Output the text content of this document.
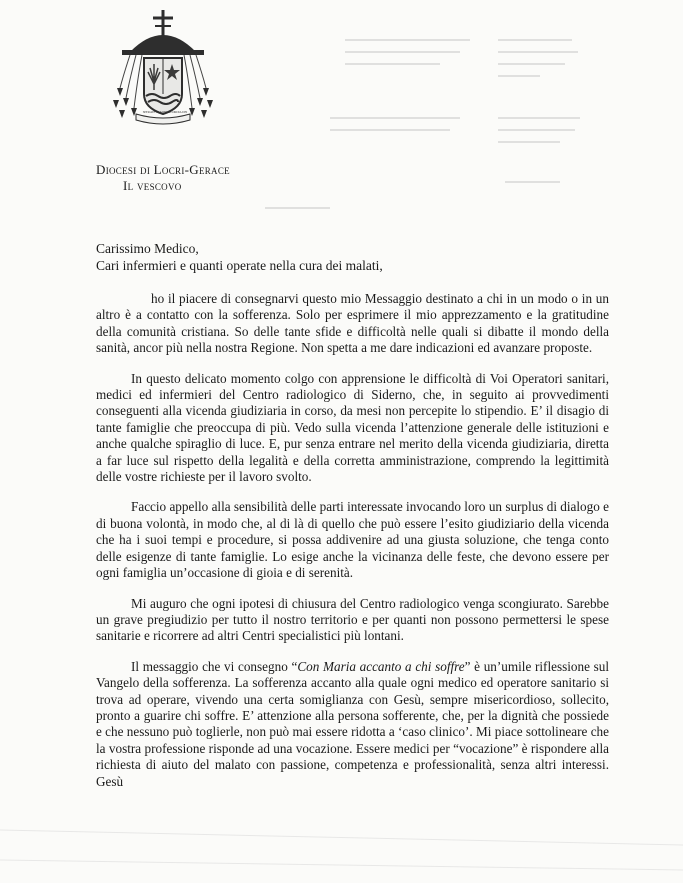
SPERATE IN MISERICORDIA DEI
Diocesi di Locri-Gerace
Il vescovo
Carissimo Medico,
Cari infermieri e quanti operate nella cura dei malati,

ho il piacere di consegnarvi questo mio Messaggio destinato a chi in un modo o in un altro è a contatto con la sofferenza. Solo per esprimere il mio apprezzamento e la gratitudine della comunità cristiana. So delle tante sfide e difficoltà nelle quali si dibatte il mondo della sanità, ancor più nella nostra Regione. Non spetta a me dare indicazioni ed avanzare proposte.

In questo delicato momento colgo con apprensione le difficoltà di Voi Operatori sanitari, medici ed infermieri del Centro radiologico di Siderno, che, in seguito ai provvedimenti conseguenti alla vicenda giudiziaria in corso, da mesi non percepite lo stipendio. E’ il disagio di tante famiglie che preoccupa di più. Vedo sulla vicenda l’attenzione generale delle istituzioni e anche qualche spiraglio di luce. E, pur senza entrare nel merito della vicenda giudiziaria, diretta a far luce sul rispetto della legalità e della corretta amministrazione, comprendo la legittimità delle vostre richieste per il lavoro svolto.

Faccio appello alla sensibilità delle parti interessate invocando loro un surplus di dialogo e di buona volontà, in modo che, al di là di quello che può essere l’esito giudiziario della vicenda che ha i suoi tempi e procedure, si possa addivenire ad una giusta soluzione, che tenga conto delle esigenze di tante famiglie. Lo esige anche la vicinanza delle feste, che devono essere per ogni famiglia un’occasione di gioia e di serenità.

Mi auguro che ogni ipotesi di chiusura del Centro radiologico venga scongiurato. Sarebbe un grave pregiudizio per tutto il nostro territorio e per quanti non possono permettersi le spese sanitarie e ricorrere ad altri Centri specialistici più lontani.

Il messaggio che vi consegno “Con Maria accanto a chi soffre” è un’umile riflessione sul Vangelo della sofferenza. La sofferenza accanto alla quale ogni medico ed operatore sanitario si trova ad operare, vivendo una certa somiglianza con Gesù, sempre misericordioso, sollecito, pronto a guarire chi soffre. E’ attenzione alla persona sofferente, che, per la dignità che possiede e che nessuno può toglierle, non può mai essere ridotta a ‘caso clinico’. Mi piace sottolineare che la vostra professione risponde ad una vocazione. Essere medici per “vocazione” è rispondere alla richiesta di aiuto del malato con passione, competenza e professionalità, senza altri interessi. Gesù
